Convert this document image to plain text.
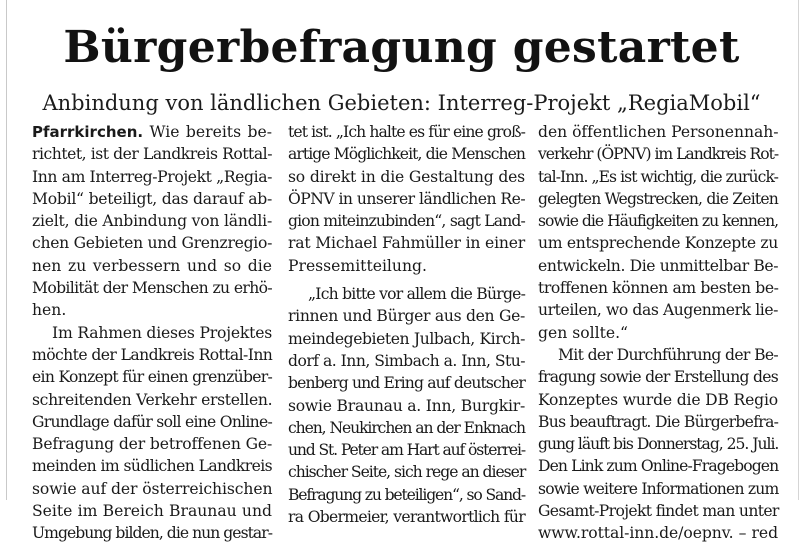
Bürgerbefragung gestartet
Anbindung von ländlichen Gebieten: Interreg-Projekt „RegiaMobil“
Pfarrkirchen. Wie bereits be-
richtet, ist der Landkreis Rottal-
Inn am Interreg-Projekt „Regia-
Mobil“ beteiligt, das darauf ab-
zielt, die Anbindung von ländli-
chen Gebieten und Grenzregio-
nen zu verbessern und so die
Mobilität der Menschen zu erhö-
hen.
Im Rahmen dieses Projektes
möchte der Landkreis Rottal-Inn
ein Konzept für einen grenzüber-
schreitenden Verkehr erstellen.
Grundlage dafür soll eine Online-
Befragung der betroffenen Ge-
meinden im südlichen Landkreis
sowie auf der österreichischen
Seite im Bereich Braunau und
Umgebung bilden, die nun gestar-
tet ist. „Ich halte es für eine groß-
artige Möglichkeit, die Menschen
so direkt in die Gestaltung des
ÖPNV in unserer ländlichen Re-
gion miteinzubinden“, sagt Land-
rat Michael Fahmüller in einer
Pressemitteilung.
„Ich bitte vor allem die Bürge-
rinnen und Bürger aus den Ge-
meindegebieten Julbach, Kirch-
dorf a. Inn, Simbach a. Inn, Stu-
benberg und Ering auf deutscher
sowie Braunau a. Inn, Burgkir-
chen, Neukirchen an der Enknach
und St. Peter am Hart auf österrei-
chischer Seite, sich rege an dieser
Befragung zu beteiligen“, so Sand-
ra Obermeier, verantwortlich für
den öffentlichen Personennah-
verkehr (ÖPNV) im Landkreis Rot-
tal-Inn. „Es ist wichtig, die zurück-
gelegten Wegstrecken, die Zeiten
sowie die Häufigkeiten zu kennen,
um entsprechende Konzepte zu
entwickeln. Die unmittelbar Be-
troffenen können am besten be-
urteilen, wo das Augenmerk lie-
gen sollte.“
Mit der Durchführung der Be-
fragung sowie der Erstellung des
Konzeptes wurde die DB Regio
Bus beauftragt. Die Bürgerbefra-
gung läuft bis Donnerstag, 25. Juli.
Den Link zum Online-Fragebogen
sowie weitere Informationen zum
Gesamt-Projekt findet man unter
www.rottal-inn.de/oepnv. – red
